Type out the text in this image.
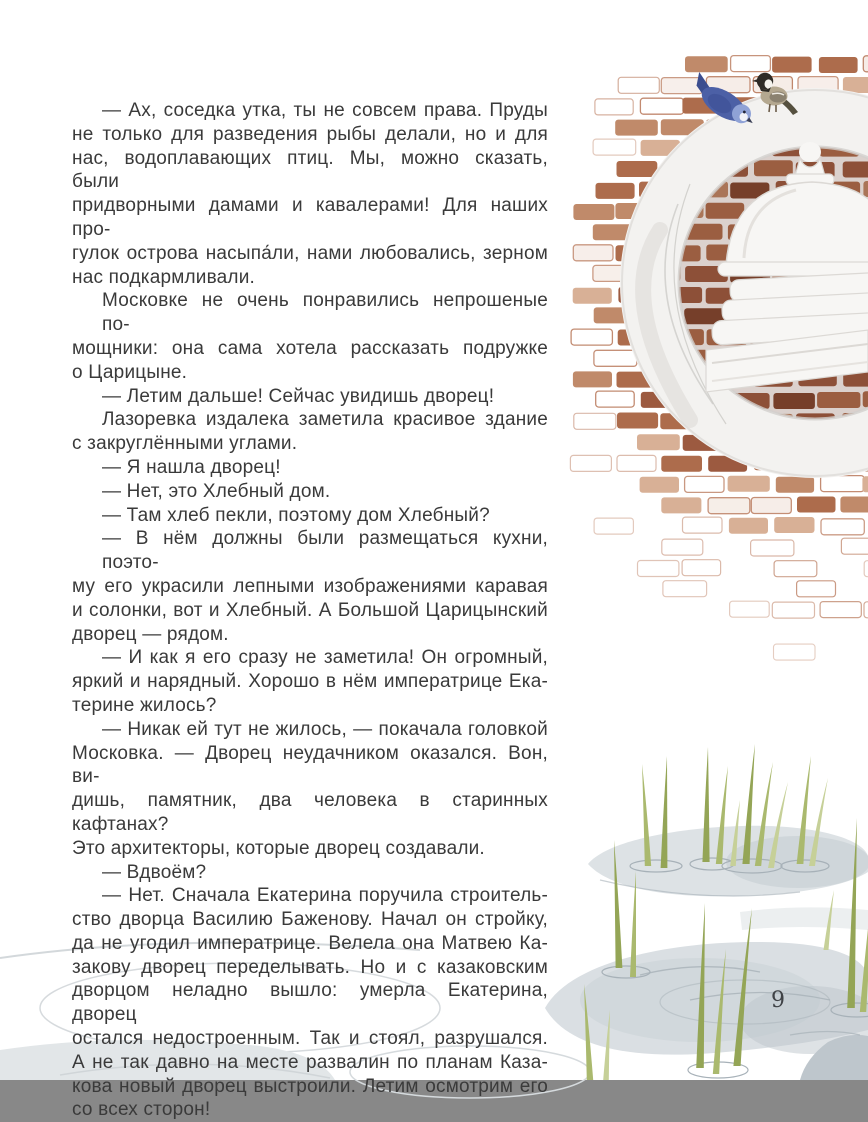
— Ах, соседка утка, ты не совсем права. Пруды
не только для разведения рыбы делали, но и для
нас, водоплавающих птиц. Мы, можно сказать, были
придворными дамами и кавалерами! Для наших про-
гулок острова насыпа́ли, нами любовались, зерном
нас подкармливали.
Московке не очень понравились непрошеные по-
мощники: она сама хотела рассказать подружке
о Царицыне.
— Летим дальше! Сейчас увидишь дворец!
Лазоревка издалека заметила красивое здание
с закруглёнными углами.
— Я нашла дворец!
— Нет, это Хлебный дом.
— Там хлеб пекли, поэтому дом Хлебный?
— В нём должны были размещаться кухни, поэто-
му его украсили лепными изображениями каравая
и солонки, вот и Хлебный. А Большой Царицынский
дворец — рядом.
— И как я его сразу не заметила! Он огромный,
яркий и нарядный. Хорошо в нём императрице Ека-
терине жилось?
— Никак ей тут не жилось, — покачала головкой
Московка. — Дворец неудачником оказался. Вон, ви-
дишь, памятник, два человека в старинных кафтанах?
Это архитекторы, которые дворец создавали.
— Вдвоём?
— Нет. Сначала Екатерина поручила строитель-
ство дворца Василию Баженову. Начал он стройку,
да не угодил императрице. Велела она Матвею Ка-
закову дворец переделывать. Но и с казаковским
дворцом неладно вышло: умерла Екатерина, дворец
остался недостроенным. Так и стоял, разрушался.
А не так давно на месте развалин по планам Каза-
кова новый дворец выстроили. Летим осмотрим его
со всех сторон!
9
